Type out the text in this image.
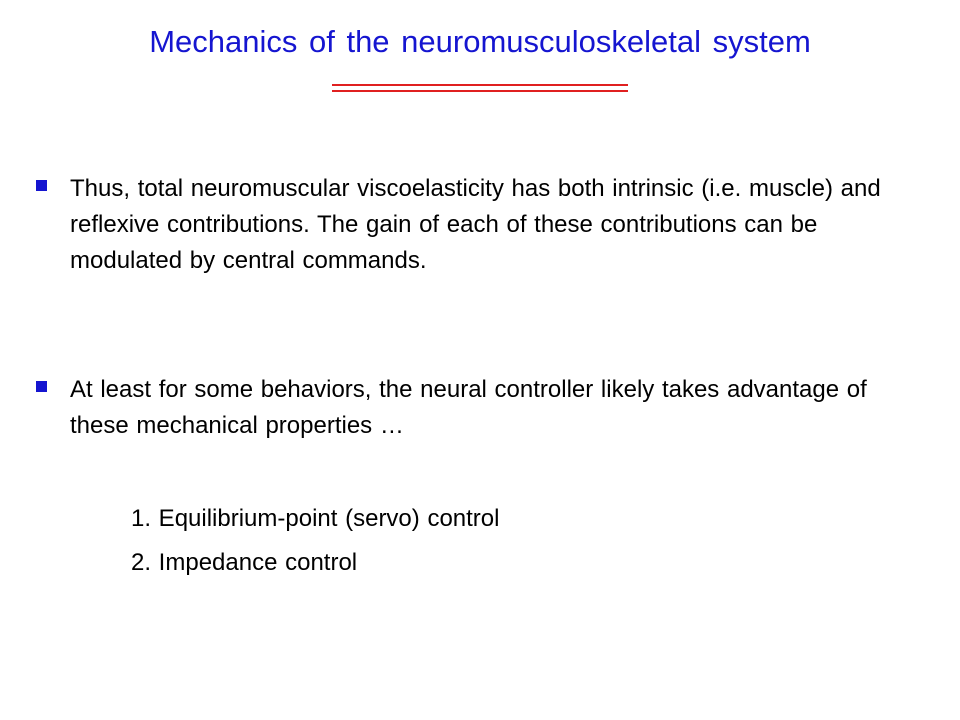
Mechanics of the neuromusculoskeletal system
Thus, total neuromuscular viscoelasticity has both intrinsic (i.e. muscle) and reflexive contributions. The gain of each of these contributions can be modulated by central commands.
At least for some behaviors, the neural controller likely takes advantage of these mechanical properties …
1. Equilibrium-point (servo) control
2. Impedance control
